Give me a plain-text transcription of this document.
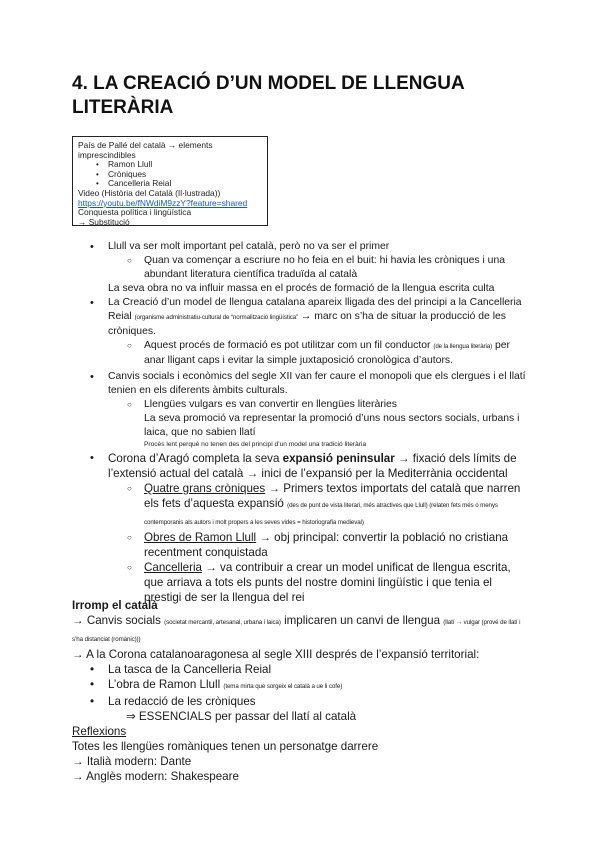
4. LA CREACIÓ D’UN MODEL DE LLENGUA LITERÀRIA
País de Pallé del català → elements
imprescindibles
• Ramon Llull
• Cròniques
• Cancelleria Reial
Video (Història del Català (Il·lustrada))
https://youtu.be/fNWdiM9zzY?feature=shared
Conquesta política i lingüística
→ Substitució
• Llull va ser molt important pel català, però no va ser el primer
○ Quan va començar a escriure no ho feia en el buit: hi havia les cròniques i una abundant literatura científica traduïda al català
La seva obra no va influir massa en el procés de formació de la llengua escrita culta
• La Creació d’un model de llengua catalana apareix lligada des del principi a la Cancelleria Reial (organisme administratiu-cultural de “normalització lingüística” → marc on s’ha de situar la producció de les cròniques.
○ Aquest procés de formació es pot utilitzar com un fil conductor (de la llengua literària) per anar lligant caps i evitar la simple juxtaposició cronològica d’autors.
• Canvis socials i econòmics del segle XII van fer caure el monopoli que els clergues i el llatí tenien en els diferents àmbits culturals.
○ Llengües vulgars es van convertir en llengües literàries
La seva promoció va representar la promoció d’uns nous sectors socials, urbans i laica, que no sabien llatí
Procés lent perquè no tenen des del principi d’un model una tradició literària
• Corona d’Aragó completa la seva expansió peninsular → fixació dels límits de l’extensió actual del català → inici de l’expansió per la Mediterrània occidental
○ Quatre grans cròniques → Primers textos importats del català que narren els fets d’aquesta expansió (des de punt de vista literari, més atractives que Llull) (relaten fets més o menys contemporanis als autors i molt propers a les seves vides = historiografia medieval)
○ Obres de Ramon Llull → obj principal: convertir la població no cristiana recentment conquistada
○ Cancelleria → va contribuir a crear un model unificat de llengua escrita, que arriava a tots els punts del nostre domini lingüístic i que tenia el prestigi de ser la llengua del rei
Irromp el català
→ Canvis socials (societat mercantil, artesanal, urbana i laica) implicaren un canvi de llengua (llatí → vulgar (prové de llatí i s’ha distanciat (romànic)))
→ A la Corona catalanoaragonesa al segle XIII després de l’expansió territorial:
• La tasca de la Cancelleria Reial
• L’obra de Ramon Llull (tema mirta que sorgeix el català a ue li cofe)
• La redacció de les cròniques
⇒ ESSENCIALS per passar del llatí al català
Reflexions
Totes les llengües romàniques tenen un personatge darrere
→ Italià modern: Dante
→ Anglès modern: Shakespeare
